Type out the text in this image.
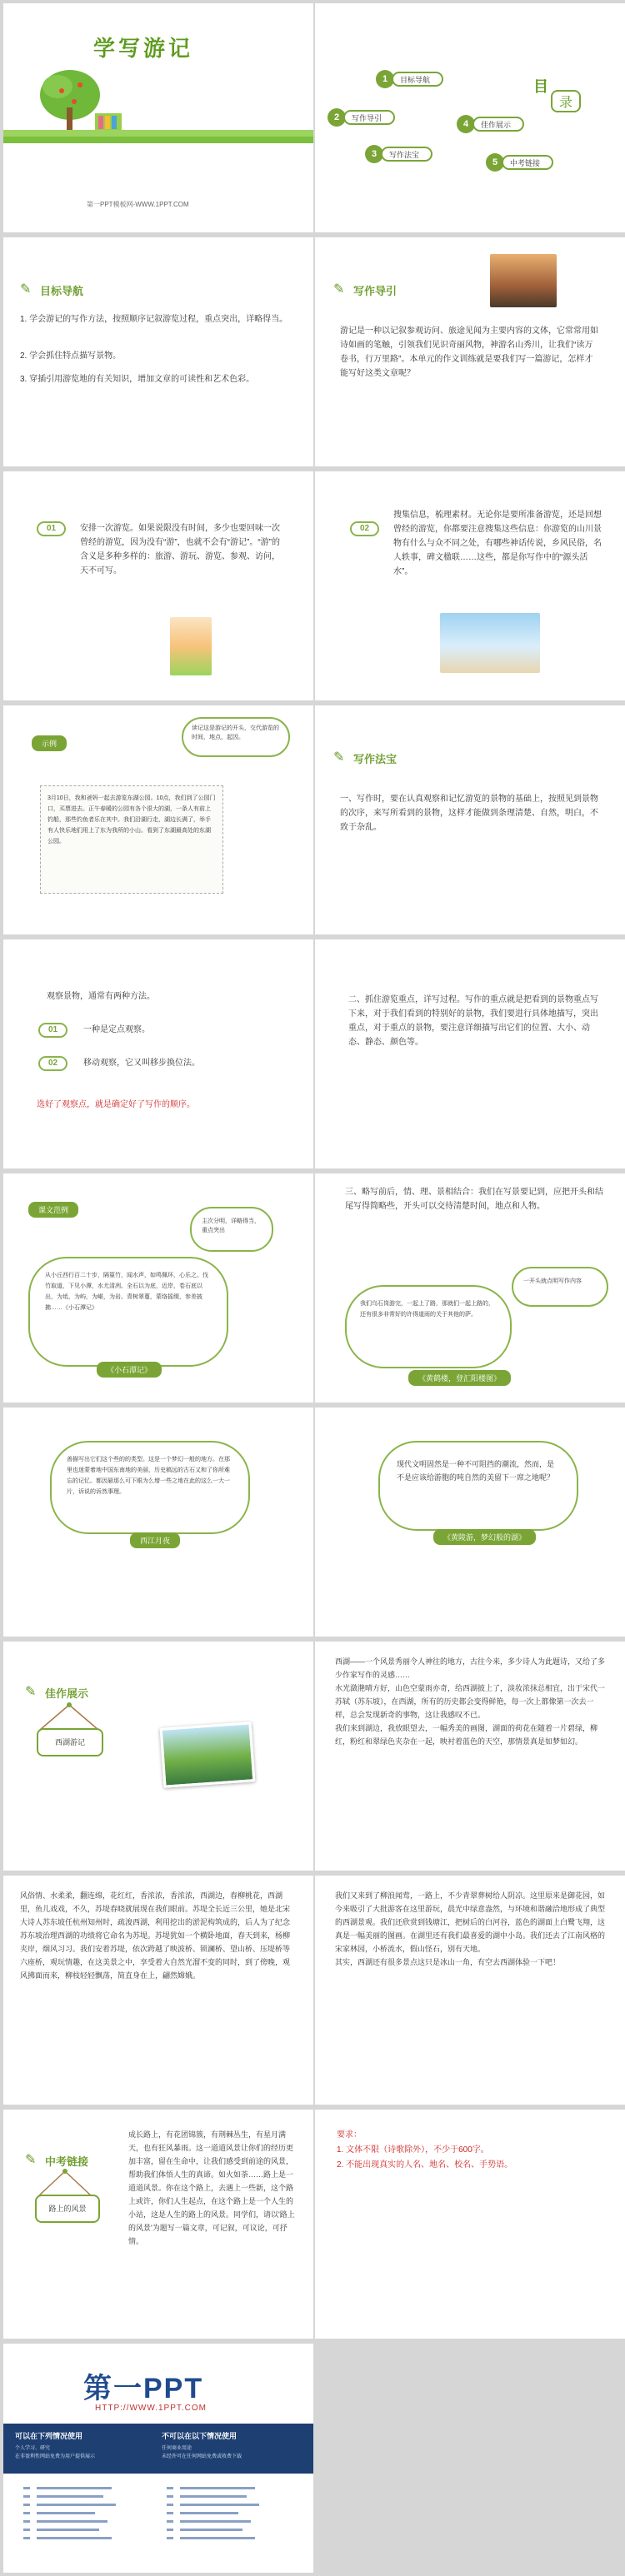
学写游记
第一PPT模板网-WWW.1PPT.COM
1	目标导航
2	写作导引
3	写作法宝
4	佳作展示
5	中考链接
目
录
✎ 目标导航
1. 学会游记的写作方法，按照顺序记叙游览过程，重点突出，详略得当。
2. 学会抓住特点描写景物。
3. 穿插引用游览地的有关知识，增加文章的可读性和艺术色彩。
✎ 写作导引
游记是一种以记叙参观访问、旅途见闻为主要内容的文体，它常常用如诗如画的笔触，引领我们见识奇丽风物，神游名山秀川，让我们“读万卷书，行万里路”。本单元的作文训练就是要我们写一篇游记，怎样才能写好这类文章呢？
01	安排一次游览。如果说限没有时间，多少也要回味一次曾经的游览，因为没有“游”，也就不会有“游记”。“游”的含义是多种多样的：旅游、游玩、游览、参观、访问，天不可写。
02
搜集信息，梳理素材。无论你是要所准备游览，还是回想曾经的游览，你都要注意搜集这些信息：你游览的山川景物有什么与众不同之处，有哪些神话传说，乡风民俗，名人轶事，碑文楹联……这些，都是你写作中的“源头活水”。
示例
读记这是游记的开头，交代游览的时间，地点，起因。
3月10日，我和爸妈一起去游览东湖公园。10点，我们到了公园门口，买票进去。正午春暖的公园有各个很大的湖，一条人有前上钓船，那些钓鱼者乐在其中。我们沿湖行走，湖边长满了，举手有人快乐地们用上了东为我所的小山。看到了东湖最高处的东湖公园。
✎ 写作法宝
一、写作时，要在认真观察和记忆游览的景物的基础上，按照见到景物的次序，来写所看到的景物，这样才能做到条理清楚、自然，明白，不致于杂乱。
观察景物，通常有两种方法。
01	一种是定点观察。
02	移动观察，它又叫移步换位法。
选好了观察点，就是确定好了写作的顺序。
二、抓住游览重点，详写过程。写作的重点就是把看到的景物重点写下来，对于我们看到的特别好的景物，我们要进行具体地描写，突出重点，对于重点的景物，要注意详细描写出它们的位置、大小、动态、静态、颜色等。
课文范例
主次分明，详略得当，重点突出
从小丘西行百二十步，隔篁竹，闻水声，如鸣佩环，心乐之。伐竹取道，下见小潭，水尤清冽。全石以为底，近岸，卷石底以出，为坻，为屿，为嵁，为岩。青树翠蔓，蒙络摇缀，参差披拂……《小石潭记》
《小石潭记》
三、略写前后，情、理、景相结合：我们在写景要记到，应把开头和结尾写得简略些，开头可以交待清楚时间，地点和人物。
一开头就点明写作内容
我们乌石岗游完，一起上了路，那就们一起上路的，还有很多非常好的许得道雨的关于其他的萨。
《黄鹤楼，登汇阳楼图》
善描写出它们这个些的的类型。这是一个梦幻一般的地方。在那里也迷蒙着地中国东南地的美丽，历史稿远的古石又和了你所难忘的记忆。都因悬那么可下眼为么增一些之地在此的这么一大一片，诉说的诉然事理。
西江月夜
现代文明固然是一种不可阻挡的潮流，然而，是不是应该给游胞的吨自然的美留下一席之地呢？
《黄陵游，梦幻般的湖》
✎ 佳作展示
西湖游记
西湖——一个风景秀丽令人神往的地方，古往今来，多少诗人为此题诗，又给了多少作家写作的灵感……
水光潋滟晴方好，山色空蒙雨亦奇，给西湖披上了，淡妆浓抹总相宜，出于宋代一苏轼（苏东坡），在西湖，所有的历史都会变得鲜艳，每一次上都像第一次去一样，总会发现新奇的事物，这让我感叹不已。
我们来到湖边，我放眼望去，一幅秀美的画图，湖面的荷花在随着一片碧绿，柳红，粉红和翠绿色夹杂在一起，映衬着蓝色的天空，那情景真是如梦如幻。
风俗情、水柔柔，翻连绵，花红红，香浓浓，香浓浓，西湖边，春柳桃花，西湖里，鱼儿戏戏，不久，苏堤春晓就展现在我们眼前。苏堤全长近三公里，她是北宋大诗人苏东坡任杭州知州时，疏浚西湖，利用挖出的淤泥构筑成的，后人为了纪念苏东坡治理西湖的功绩将它命名为苏堤。苏堤犹如一个横卧地面，春天到来，杨柳夹岸，烟风习习。我们安着苏堤，依次跨越了映波桥、锁澜桥、望山桥、压堤桥等六座桥，观玩情趣，在这美景之中，享受着大自然光溜不变的同时，到了傍晚，观风拂面而来，柳枝轻轻飘荡，简直身在上，翩然嫦娥。
我们又来到了柳浪闻莺，一路上，不少青翠葬树给人阴凉。这里原来是御花园，如今来吸引了大批游客在这里游玩，晨光中绿意盎然，与环境和谐融洽地形成了典型的西湖景观。我们还欣赏到钱塘江，把树后的白河谷，蓝色的湖面上白鹭飞翔，这真是一幅美丽的图画。在湖里还有我们最喜爱的湖中小岛。我们还去了江南风格的宋家林园，小桥流水，假山怪石，别有天地。
其实，西湖还有很多景点这只是冰山一角，有空去西湖体验一下吧！
✎ 中考链接
路上的风景
成长路上，有花团锦簇，有荆棘丛生，有星月满天，也有狂风暴雨。这一道道风景让你们的经历更加丰富，留在生命中，让我们感受到前途的风景，帮助我们体悟人生的真谛。如火如荼……路上是一道道风景。你在这个路上，去遇上一些新，这个路上或许，你们人生起点，在这个路上是一个人生的小站，这是人生的路上的风景。同学们，请以'路上的风景'为题写一篇文章，可记叙，可议论，可抒情。
要求：
1. 文体不限（诗歌除外），不少于600字。
2. 不能出现真实的人名、地名、校名、手势语。
第一PPT
HTTP://WWW.1PPT.COM
可以在下列情况使用
个人学习、研究
在非盈利性网站免费为用户提供展示
不可以在以下情况使用
任何商业用途
未经许可在任何网站免费或收费下载
